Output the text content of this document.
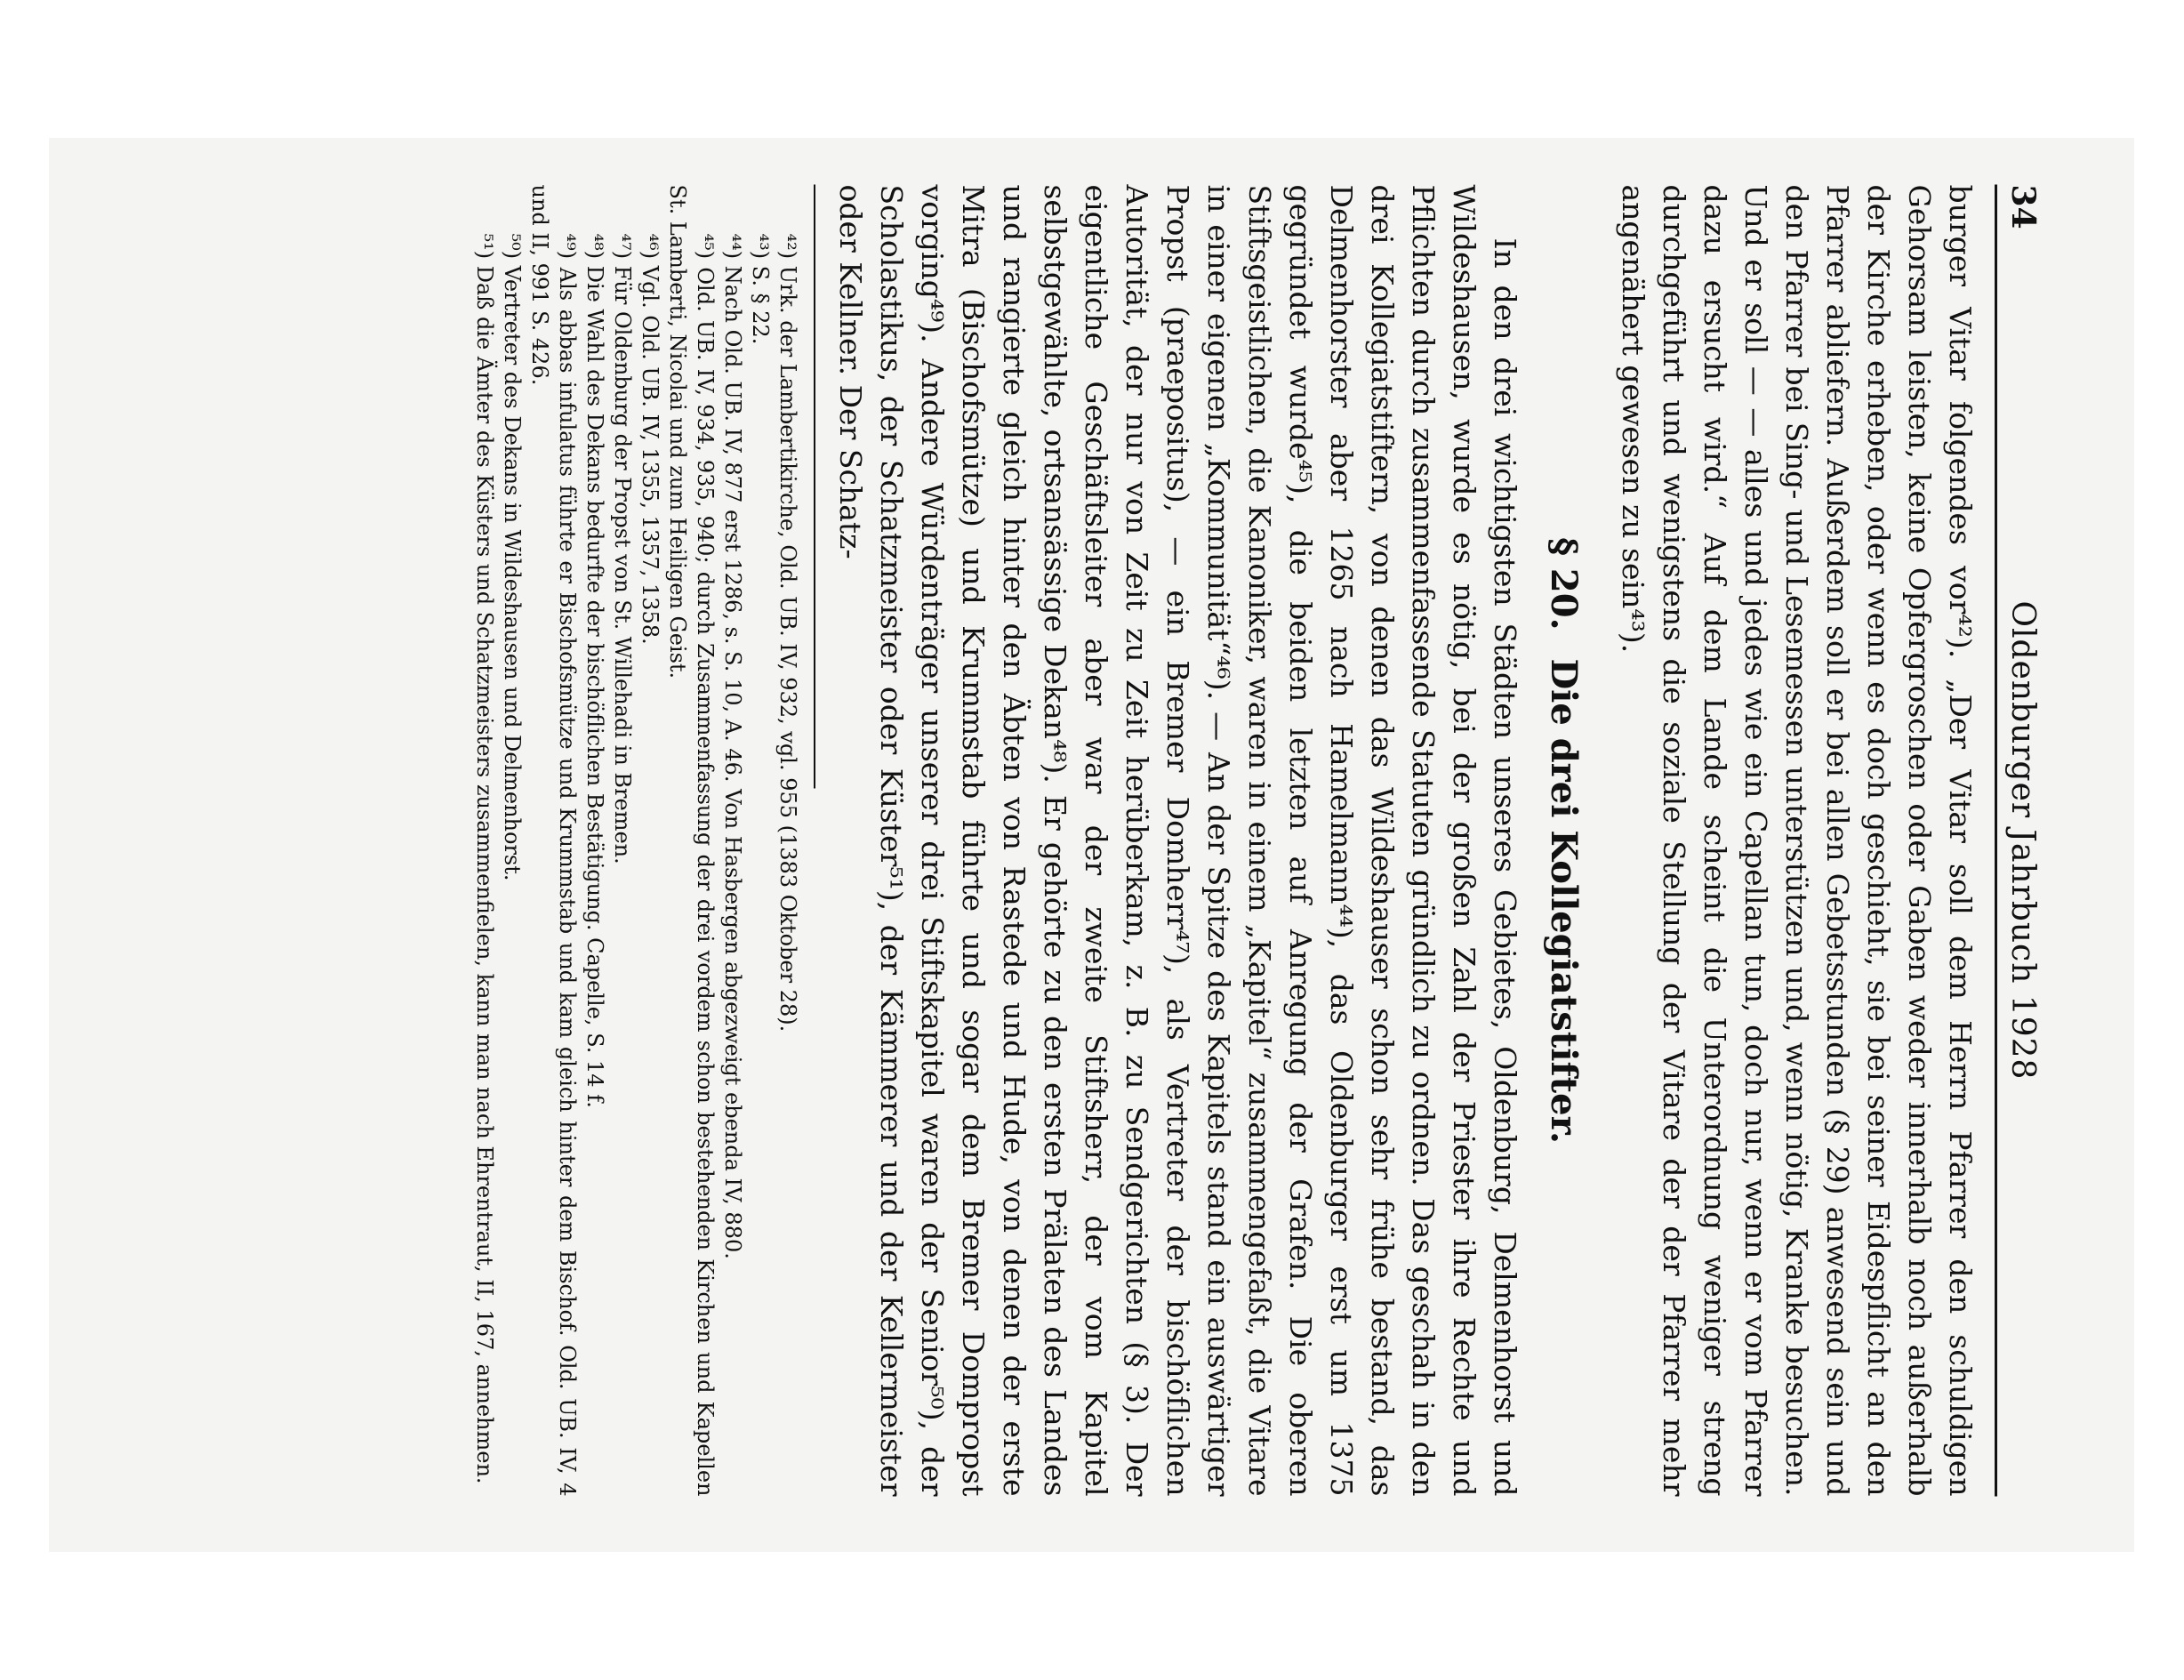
34
Oldenburger Jahrbuch 1928

burger Vitar folgendes vor⁴²). „Der Vitar soll dem Herrn Pfarrer den schuldigen Gehorsam leisten, keine Opfergroschen oder Gaben weder innerhalb noch außerhalb der Kirche erheben, oder wenn es doch geschieht, sie bei seiner Eidespflicht an den Pfarrer abliefern. Außerdem soll er bei allen Gebetsstunden (§ 29) anwesend sein und den Pfarrer bei Sing- und Lesemessen unterstützen und, wenn nötig, Kranke besuchen. Und er soll — — alles und jedes wie ein Capellan tun, doch nur, wenn er vom Pfarrer dazu ersucht wird.“ Auf dem Lande scheint die Unterordnung weniger streng durchgeführt und wenigstens die soziale Stellung der Vitare der der Pfarrer mehr angenähert gewesen zu sein⁴³).

§ 20. Die drei Kollegiatstifter.

In den drei wichtigsten Städten unseres Gebietes, Oldenburg, Delmenhorst und Wildeshausen, wurde es nötig, bei der großen Zahl der Priester ihre Rechte und Pflichten durch zusammenfassende Statuten gründlich zu ordnen. Das geschah in den drei Kollegiatstiftern, von denen das Wildeshauser schon sehr frühe bestand, das Delmenhorster aber 1265 nach Hamelmann⁴⁴), das Oldenburger erst um 1375 gegründet wurde⁴⁵), die beiden letzten auf Anregung der Grafen. Die oberen Stiftsgeistlichen, die Kanoniker, waren in einem „Kapitel“ zusammengefaßt, die Vitare in einer eigenen „Kommunität“⁴⁶). — An der Spitze des Kapitels stand ein auswärtiger Propst (praepositus), — ein Bremer Domherr⁴⁷), als Vertreter der bischöflichen Autorität, der nur von Zeit zu Zeit herüberkam, z. B. zu Sendgerichten (§ 3). Der eigentliche Geschäftsleiter aber war der zweite Stiftsherr, der vom Kapitel selbstgewählte, ortsansässige Dekan⁴⁸). Er gehörte zu den ersten Prälaten des Landes und rangierte gleich hinter den Äbten von Rastede und Hude, von denen der erste Mitra (Bischofsmütze) und Krummstab führte und sogar dem Bremer Dompropst vorging⁴⁹). Andere Würdenträger unserer drei Stiftskapitel waren der Senior⁵⁰), der Scholastikus, der Schatzmeister oder Küster⁵¹), der Kämmerer und der Kellermeister oder Kellner. Der Schatz-

⁴²) Urk. der Lambertikirche, Old. UB. IV, 932, vgl. 955 (1383 Oktober 28).

⁴³) S. § 22.

⁴⁴) Nach Old. UB. IV, 877 erst 1286, s. S. 10, A. 46. Von Hasbergen abgezweigt ebenda IV, 880.

⁴⁵) Old. UB. IV, 934, 935, 940; durch Zusammenfassung der drei vordem schon bestehenden Kirchen und Kapellen St. Lamberti, Nicolai und zum Heiligen Geist.

⁴⁶) Vgl. Old. UB. IV, 1355, 1357, 1358.

⁴⁷) Für Oldenburg der Propst von St. Willehadi in Bremen.

⁴⁸) Die Wahl des Dekans bedurfte der bischöflichen Bestätigung. Capelle, S. 14 f.

⁴⁹) Als abbas infulatus führte er Bischofsmütze und Krummstab und kam gleich hinter dem Bischof. Old. UB. IV, 4 und II, 991 S. 426.

⁵⁰) Vertreter des Dekans in Wildeshausen und Delmenhorst.

⁵¹) Daß die Ämter des Küsters und Schatzmeisters zusammenfielen, kann man nach Ehrentraut, II, 167, annehmen.
